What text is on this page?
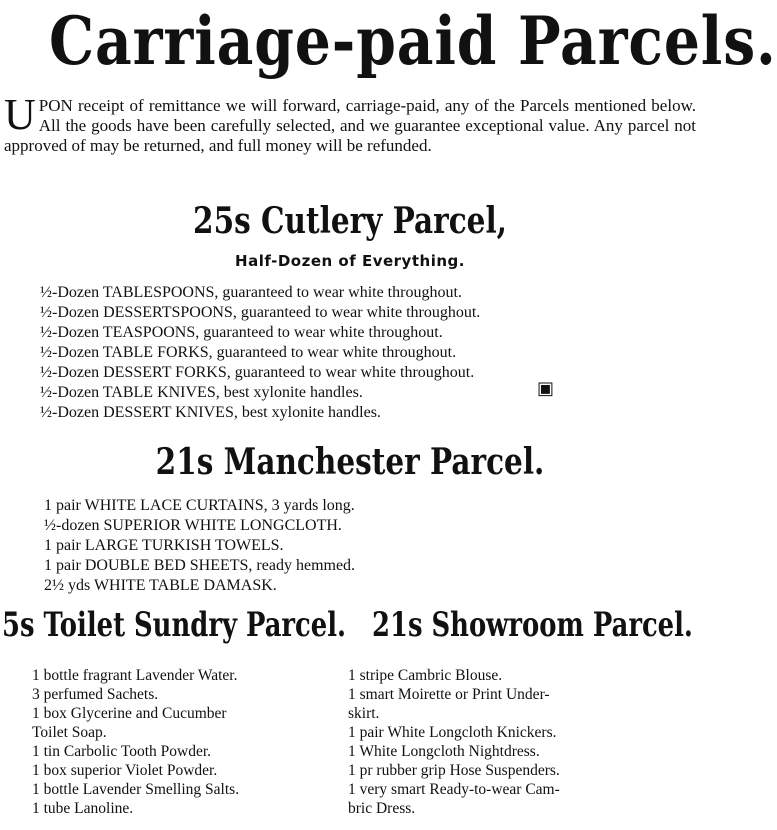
Carriage-paid Parcels.
U PON receipt of remittance we will forward, carriage-paid, any of the Parcels mentioned below. All the goods have been carefully selected, and we guarantee exceptional value. Any parcel not approved of may be returned, and full money will be refunded.

25s Cutlery Parcel,
Half-Dozen of Everything.
½-Dozen TABLESPOONS, guaranteed to wear white throughout.
½-Dozen DESSERTSPOONS, guaranteed to wear white throughout.
½-Dozen TEASPOONS, guaranteed to wear white throughout.
½-Dozen TABLE FORKS, guaranteed to wear white throughout.
½-Dozen DESSERT FORKS, guaranteed to wear white throughout.
½-Dozen TABLE KNIVES, best xylonite handles.
½-Dozen DESSERT KNIVES, best xylonite handles.
▣
21s Manchester Parcel.
1 pair WHITE LACE CURTAINS, 3 yards long.
½-dozen SUPERIOR WHITE LONGCLOTH.
1 pair LARGE TURKISH TOWELS.
1 pair DOUBLE BED SHEETS, ready hemmed.
2½ yds WHITE TABLE DAMASK.
5s Toilet Sundry Parcel. 21s Showroom Parcel.
1 bottle fragrant Lavender Water.
3 perfumed Sachets.
1 box Glycerine and Cucumber
Toilet Soap.
1 tin Carbolic Tooth Powder.
1 box superior Violet Powder.
1 bottle Lavender Smelling Salts.
1 tube Lanoline.
1 stripe Cambric Blouse.
1 smart Moirette or Print Under-
skirt.
1 pair White Longcloth Knickers.
1 White Longcloth Nightdress.
1 pr rubber grip Hose Suspenders.
1 very smart Ready-to-wear Cam-
bric Dress.
